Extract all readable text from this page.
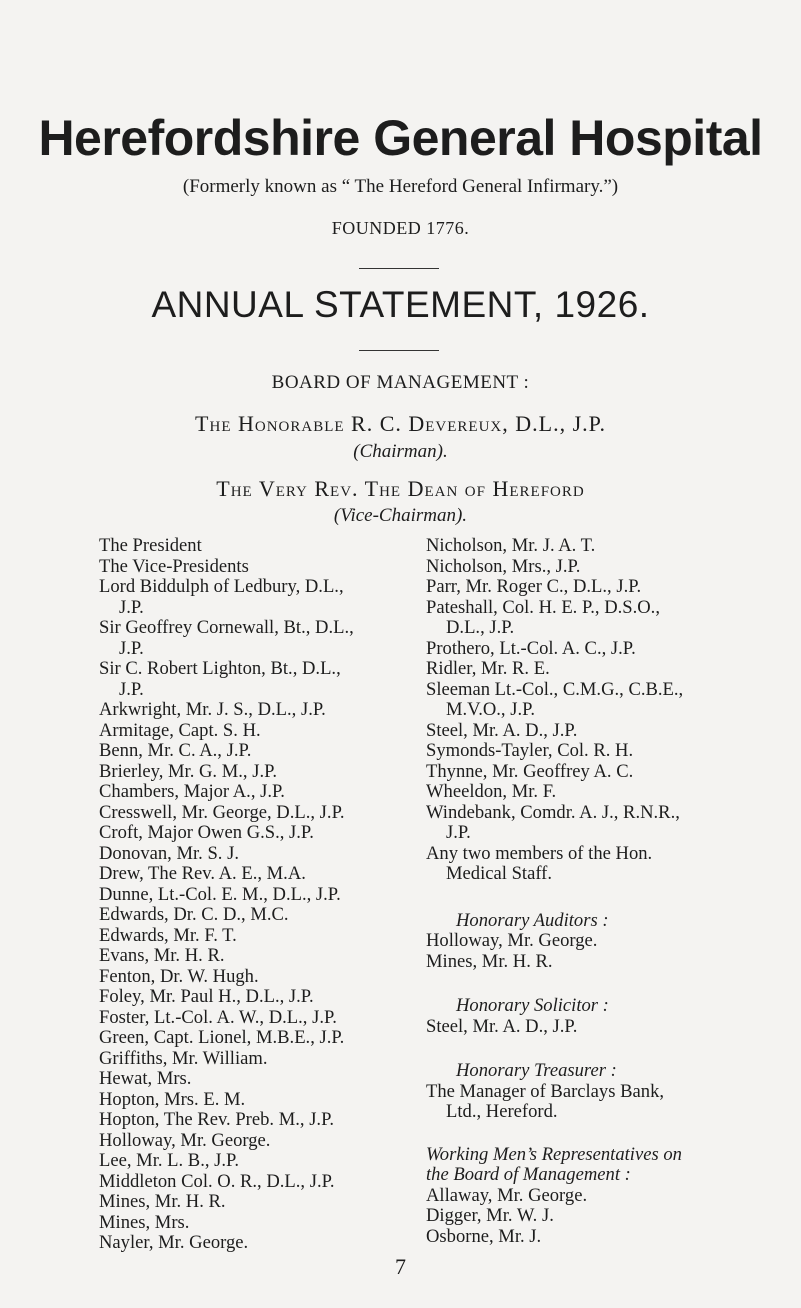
Herefordshire General Hospital
(Formerly known as “ The Hereford General Infirmary.”)
FOUNDED 1776.
ANNUAL STATEMENT, 1926.
BOARD OF MANAGEMENT :
The Honorable R. C. Devereux, D.L., J.P.
(Chairman).
The Very Rev. The Dean of Hereford
(Vice-Chairman).

The President

The Vice-Presidents

Lord Biddulph of Ledbury, D.L.,

J.P.

Sir Geoffrey Cornewall, Bt., D.L.,

J.P.

Sir C. Robert Lighton, Bt., D.L.,

J.P.

Arkwright, Mr. J. S., D.L., J.P.

Armitage, Capt. S. H.

Benn, Mr. C. A., J.P.

Brierley, Mr. G. M., J.P.

Chambers, Major A., J.P.

Cresswell, Mr. George, D.L., J.P.

Croft, Major Owen G.S., J.P.

Donovan, Mr. S. J.

Drew, The Rev. A. E., M.A.

Dunne, Lt.-Col. E. M., D.L., J.P.

Edwards, Dr. C. D., M.C.

Edwards, Mr. F. T.

Evans, Mr. H. R.

Fenton, Dr. W. Hugh.

Foley, Mr. Paul H., D.L., J.P.

Foster, Lt.-Col. A. W., D.L., J.P.

Green, Capt. Lionel, M.B.E., J.P.

Griffiths, Mr. William.

Hewat, Mrs.

Hopton, Mrs. E. M.

Hopton, The Rev. Preb. M., J.P.

Holloway, Mr. George.

Lee, Mr. L. B., J.P.

Middleton Col. O. R., D.L., J.P.

Mines, Mr. H. R.

Mines, Mrs.

Nayler, Mr. George.

Nicholson, Mr. J. A. T.

Nicholson, Mrs., J.P.

Parr, Mr. Roger C., D.L., J.P.

Pateshall, Col. H. E. P., D.S.O.,

D.L., J.P.

Prothero, Lt.-Col. A. C., J.P.

Ridler, Mr. R. E.

Sleeman Lt.-Col., C.M.G., C.B.E.,

M.V.O., J.P.

Steel, Mr. A. D., J.P.

Symonds-Tayler, Col. R. H.

Thynne, Mr. Geoffrey A. C.

Wheeldon, Mr. F.

Windebank, Comdr. A. J., R.N.R.,

J.P.

Any two members of the Hon.

Medical Staff.

Honorary Auditors :

Holloway, Mr. George.

Mines, Mr. H. R.

Honorary Solicitor :

Steel, Mr. A. D., J.P.

Honorary Treasurer :

The Manager of Barclays Bank,

Ltd., Hereford.

Working Men’s Representatives on

the Board of Management :

Allaway, Mr. George.

Digger, Mr. W. J.

Osborne, Mr. J.

7
